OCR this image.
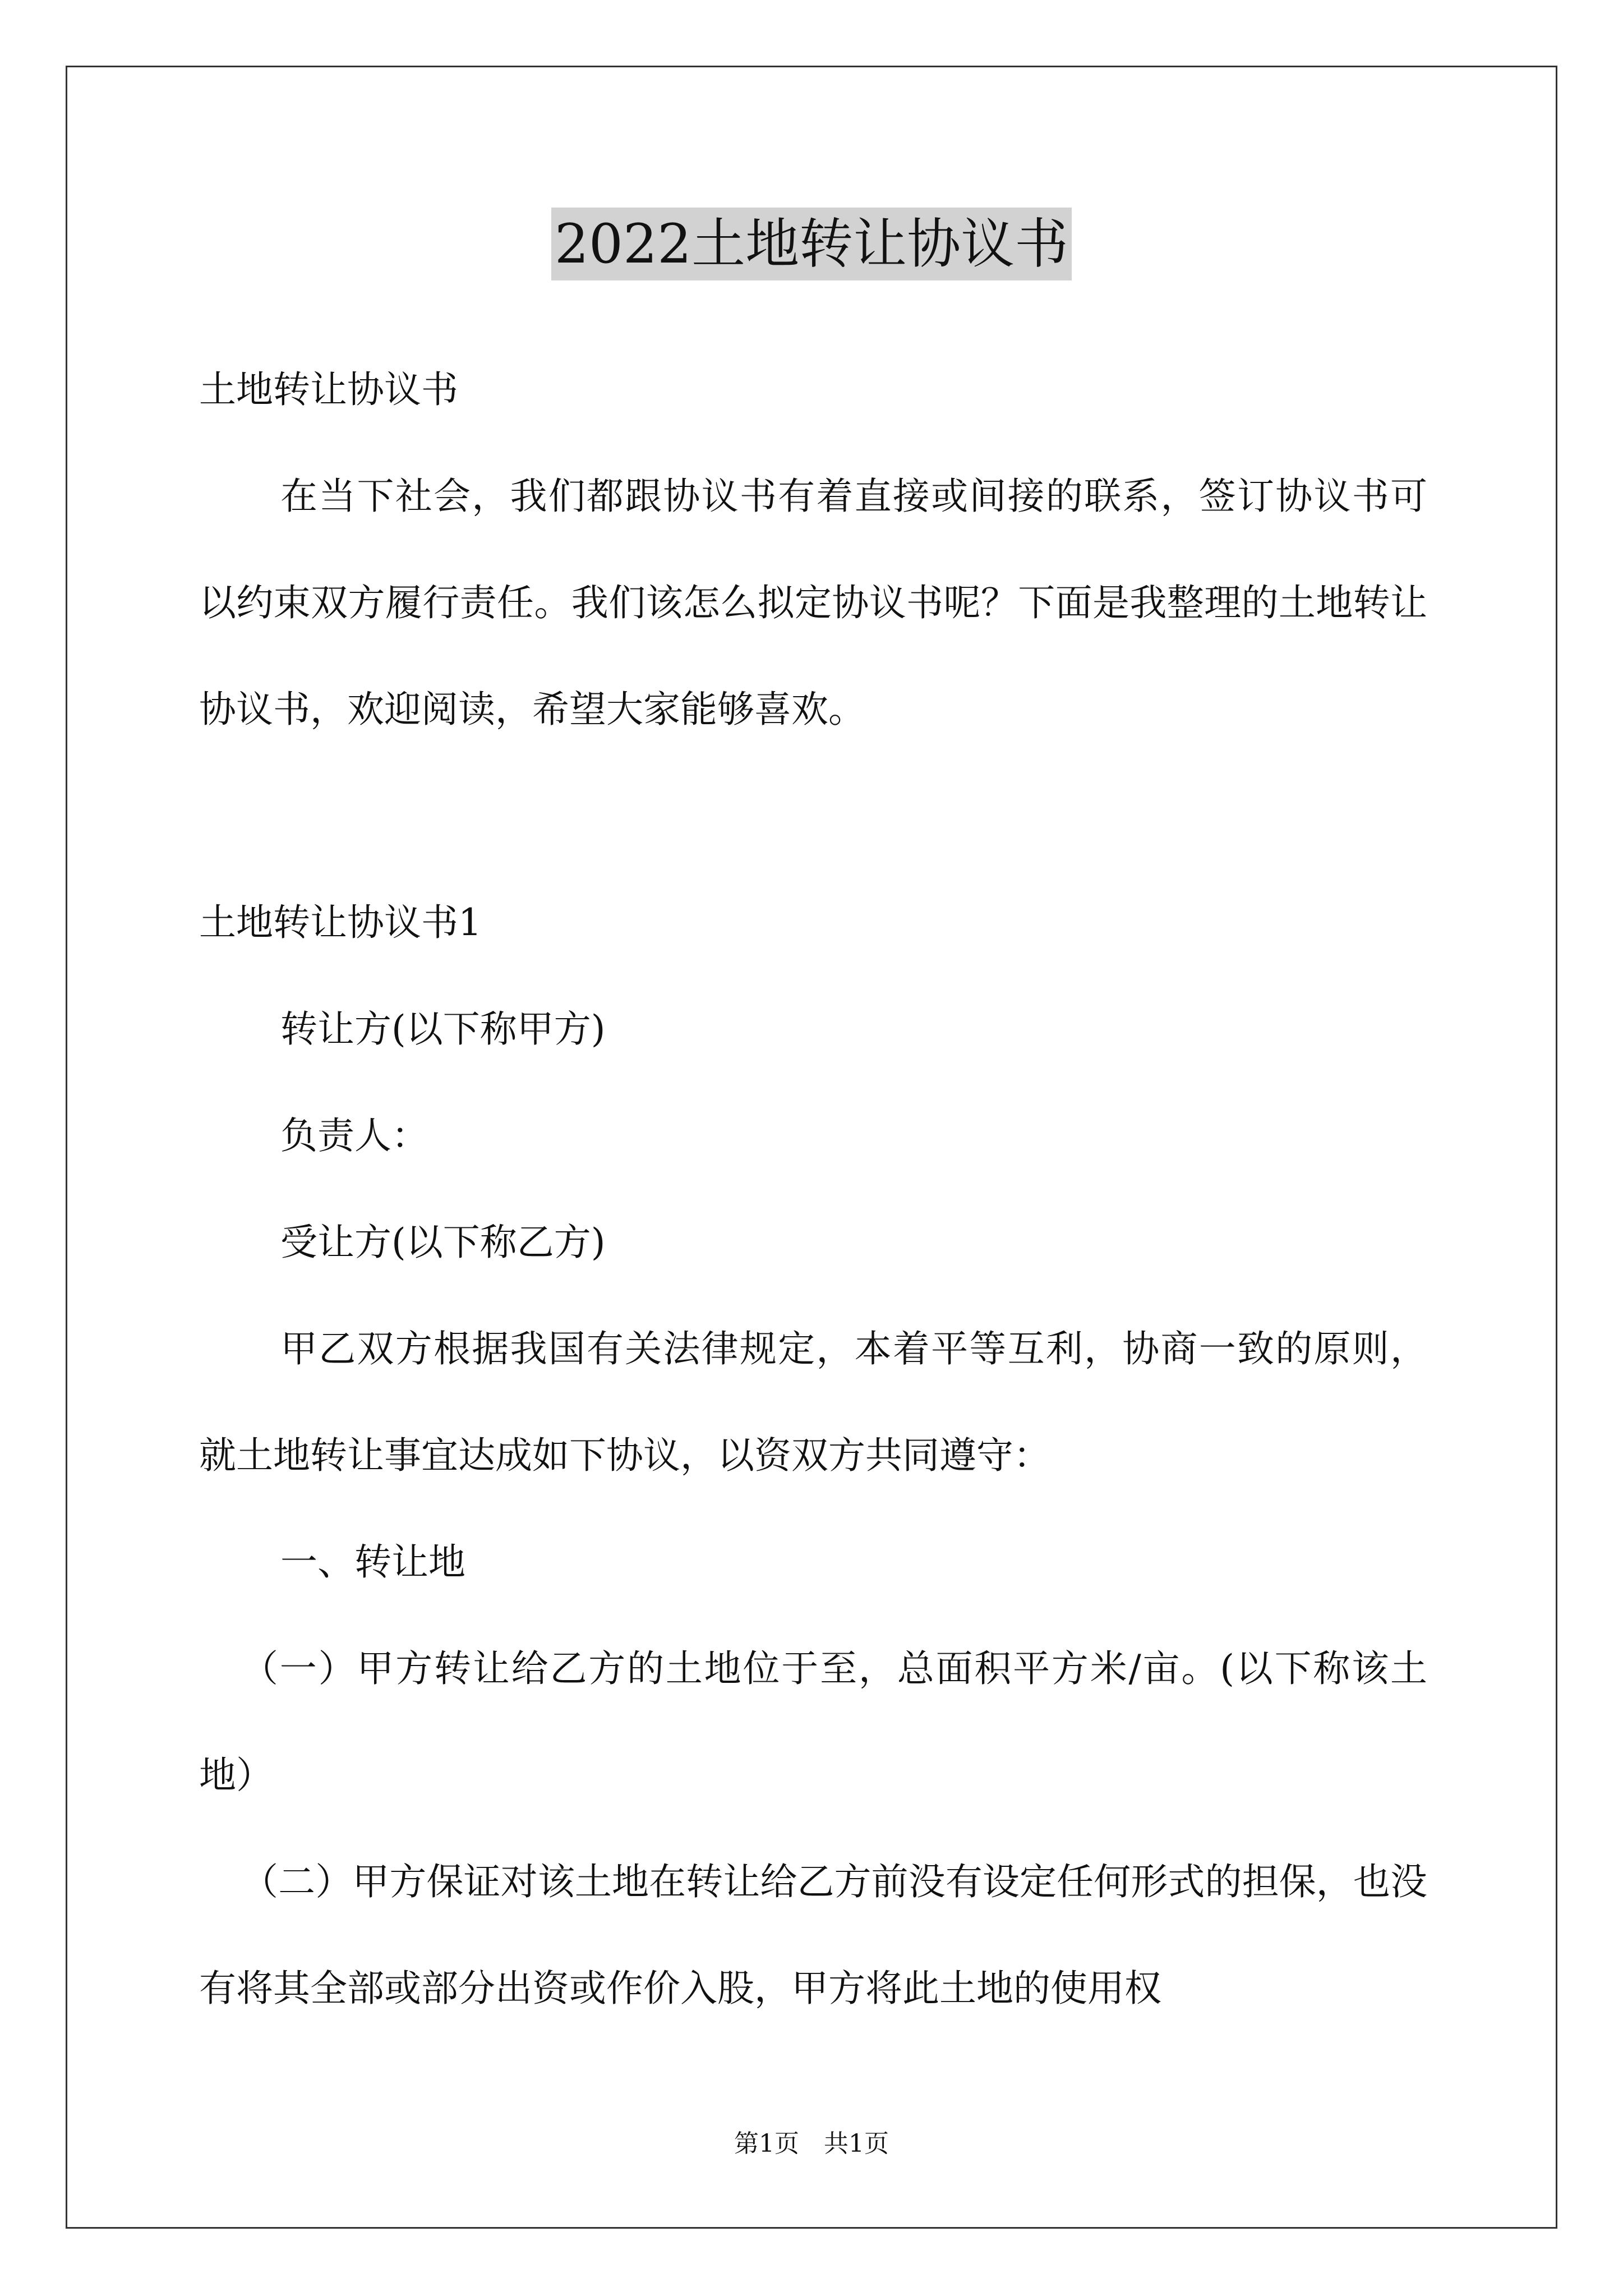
2022土地转让协议书

土地转让协议书

在当下社会，我们都跟协议书有着直接或间接的联系，签订协议书可以约束双方履行责任。我们该怎么拟定协议书呢？下面是我整理的土地转让协议书，欢迎阅读，希望大家能够喜欢。

土地转让协议书1

转让方(以下称甲方)

负责人：

受让方(以下称乙方)

甲乙双方根据我国有关法律规定，本着平等互利，协商一致的原则，就土地转让事宜达成如下协议，以资双方共同遵守：

一、转让地

（一）甲方转让给乙方的土地位于至，总面积平方米/亩。(以下称该土地）

（二）甲方保证对该土地在转让给乙方前没有设定任何形式的担保，也没有将其全部或部分出资或作价入股，甲方将此土地的使用权

第1页　共1页
